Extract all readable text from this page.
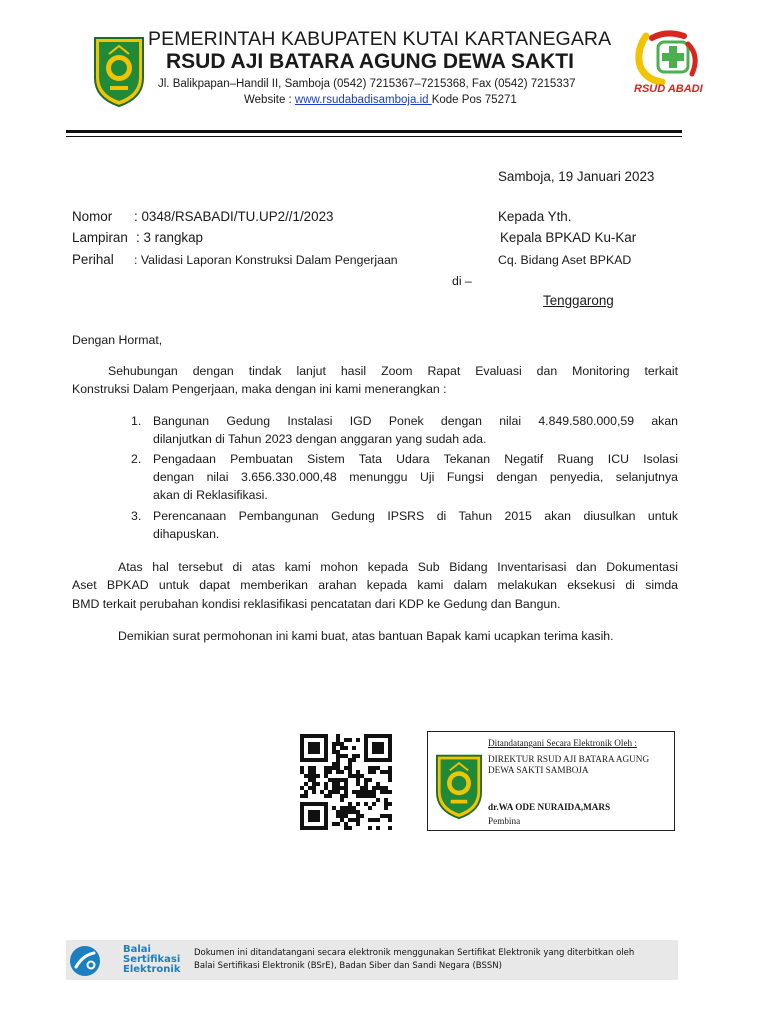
PEMERINTAH KABUPATEN KUTAI KARTANEGARA
RSUD AJI BATARA AGUNG DEWA SAKTI
Jl. Balikpapan–Handil II, Samboja (0542) 7215367–7215368, Fax (0542) 7215337
Website : www.rsudabadisamboja.id Kode Pos 75271
RSUD ABADI
Samboja, 19 Januari 2023
Nomor : 0348/RSABADI/TU.UP2//1/2023
Lampiran : 3 rangkap
Perihal : Validasi Laporan Konstruksi Dalam Pengerjaan
Kepada Yth.
Kepala BPKAD Ku-Kar
Cq. Bidang Aset BPKAD
di –
Tenggarong
Dengan Hormat,
Sehubungan dengan tindak lanjut hasil Zoom Rapat Evaluasi dan Monitoring terkait
Konstruksi Dalam Pengerjaan, maka dengan ini kami menerangkan :
1. Bangunan Gedung Instalasi IGD Ponek dengan nilai 4.849.580.000,59 akan
dilanjutkan di Tahun 2023 dengan anggaran yang sudah ada.
2. Pengadaan Pembuatan Sistem Tata Udara Tekanan Negatif Ruang ICU Isolasi
dengan nilai 3.656.330.000,48 menunggu Uji Fungsi dengan penyedia, selanjutnya
akan di Reklasifikasi.
3. Perencanaan Pembangunan Gedung IPSRS di Tahun 2015 akan diusulkan untuk
dihapuskan.
Atas hal tersebut di atas kami mohon kepada Sub Bidang Inventarisasi dan Dokumentasi
Aset BPKAD untuk dapat memberikan arahan kepada kami dalam melakukan eksekusi di simda
BMD terkait perubahan kondisi reklasifikasi pencatatan dari KDP ke Gedung dan Bangun.
Demikian surat permohonan ini kami buat, atas bantuan Bapak kami ucapkan terima kasih.
Ditandatangani Secara Elektronik Oleh :
DIREKTUR RSUD AJI BATARA AGUNG
DEWA SAKTI SAMBOJA
dr.WA ODE NURAIDA,MARS
Pembina
Balai
Sertifikasi
Elektronik
Dokumen ini ditandatangani secara elektronik menggunakan Sertifikat Elektronik yang diterbitkan oleh
Balai Sertifikasi Elektronik (BSrE), Badan Siber dan Sandi Negara (BSSN)
